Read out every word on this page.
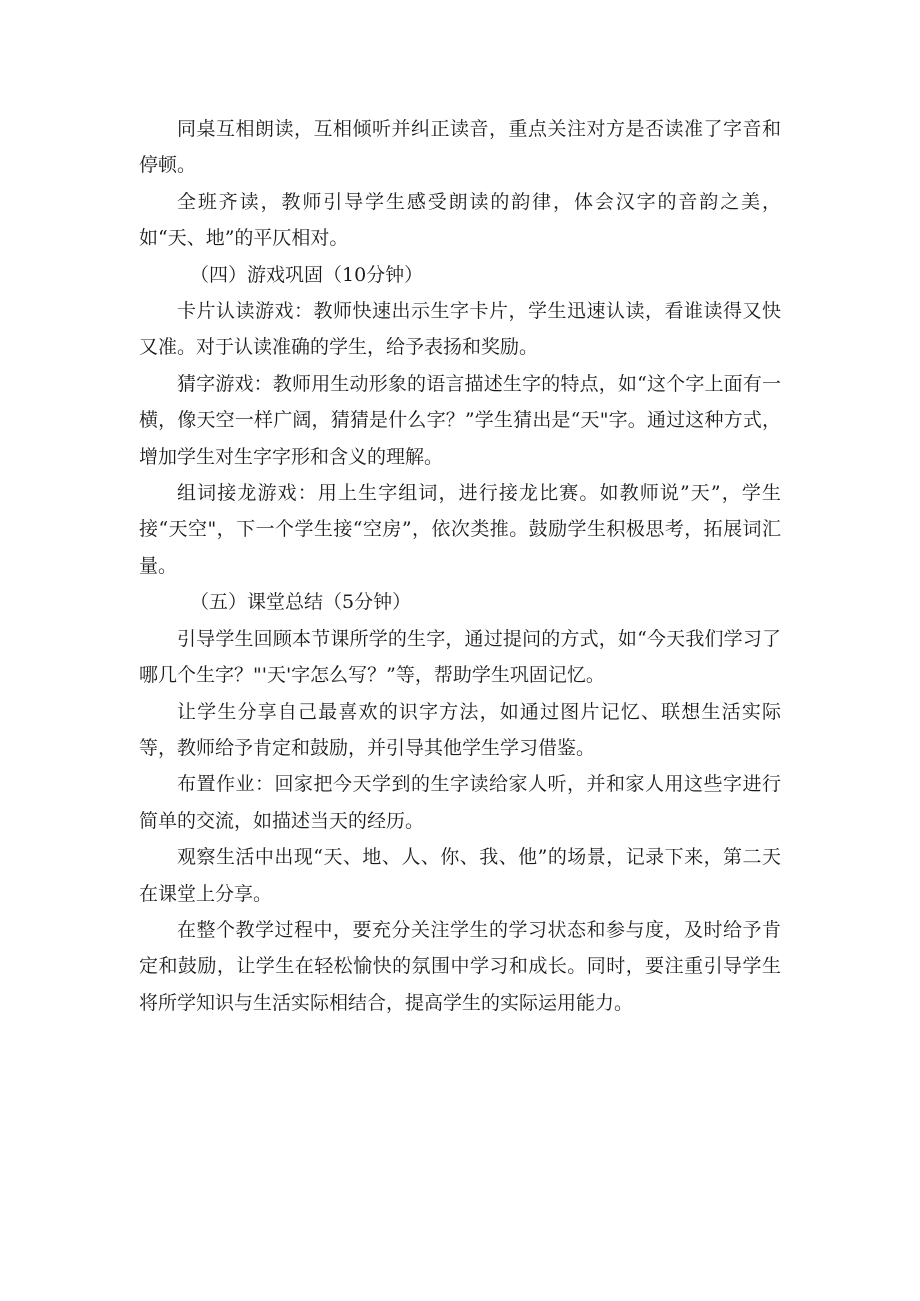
同桌互相朗读，互相倾听并纠正读音，重点关注对方是否读准了字音和停顿。

全班齐读，教师引导学生感受朗读的韵律，体会汉字的音韵之美，如“天、地”的平仄相对。

（四）游戏巩固（10分钟）

卡片认读游戏：教师快速出示生字卡片，学生迅速认读，看谁读得又快又准。对于认读准确的学生，给予表扬和奖励。

猜字游戏：教师用生动形象的语言描述生字的特点，如“这个字上面有一横，像天空一样广阔，猜猜是什么字？”学生猜出是“天"字。通过这种方式，增加学生对生字字形和含义的理解。

组词接龙游戏：用上生字组词，进行接龙比赛。如教师说”天”，学生接“天空"，下一个学生接“空房”，依次类推。鼓励学生积极思考，拓展词汇量。

（五）课堂总结（5分钟）

引导学生回顾本节课所学的生字，通过提问的方式，如“今天我们学习了哪几个生字？"'天'字怎么写？”等，帮助学生巩固记忆。

让学生分享自己最喜欢的识字方法，如通过图片记忆、联想生活实际等，教师给予肯定和鼓励，并引导其他学生学习借鉴。

布置作业：回家把今天学到的生字读给家人听，并和家人用这些字进行简单的交流，如描述当天的经历。

观察生活中出现“天、地、人、你、我、他”的场景，记录下来，第二天在课堂上分享。

在整个教学过程中，要充分关注学生的学习状态和参与度，及时给予肯定和鼓励，让学生在轻松愉快的氛围中学习和成长。同时，要注重引导学生将所学知识与生活实际相结合，提高学生的实际运用能力。
